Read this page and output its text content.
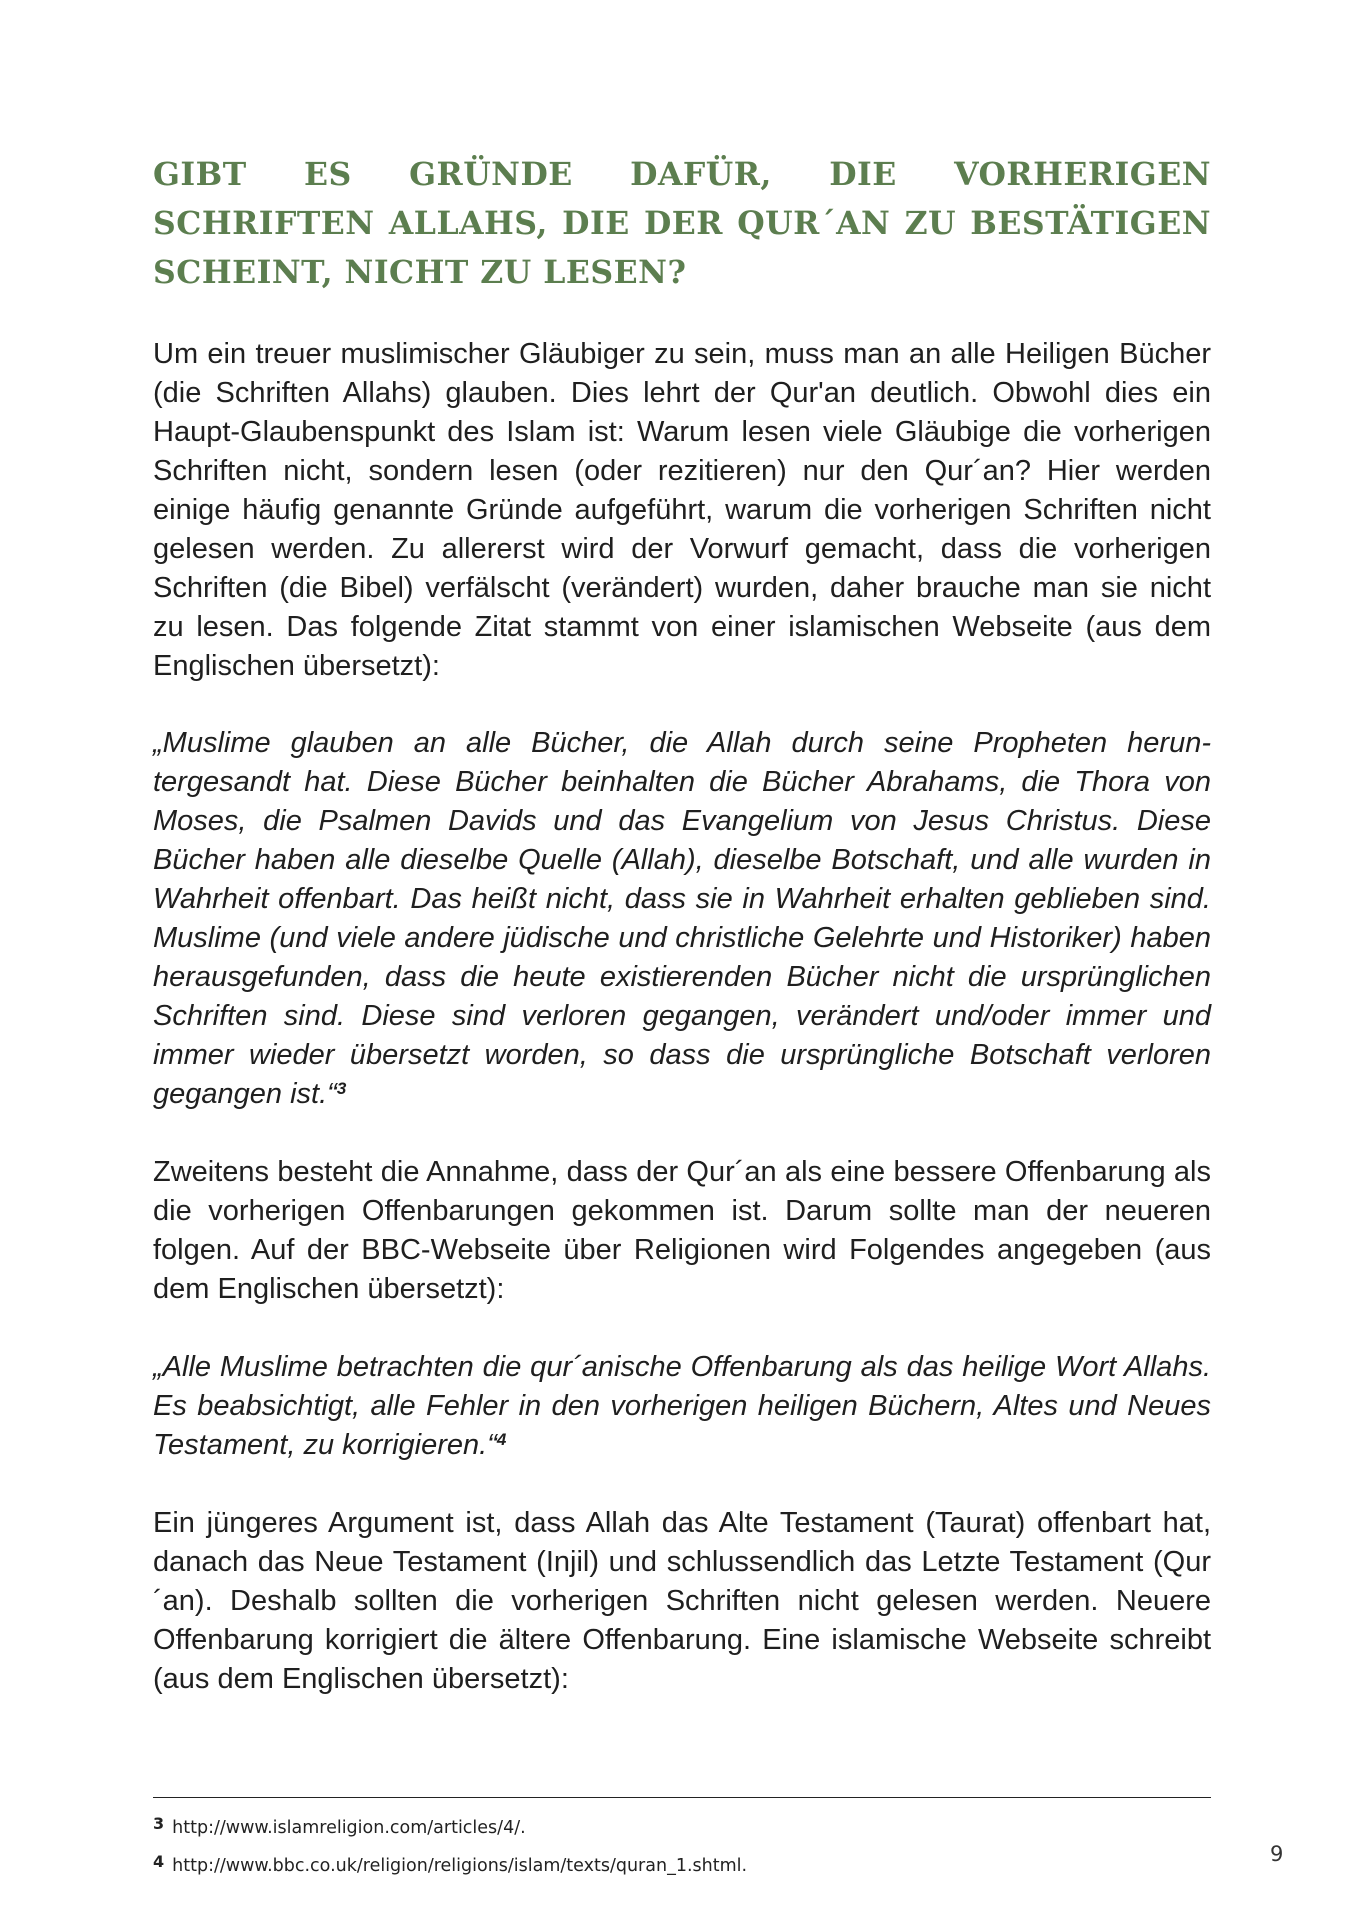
GIBT ES GRÜNDE DAFÜR, DIE VORHERIGEN SCHRIFTEN ALLAHS, DIE DER QUR´AN ZU BESTÄTIGEN SCHEINT, NICHT ZU LESEN?

Um ein treuer muslimischer Gläubiger zu sein, muss man an alle Heiligen Bücher (die Schriften Allahs) glauben. Dies lehrt der Qur'an deutlich. Obwohl dies ein Haupt-Glaubenspunkt des Islam ist: Warum lesen viele Gläubige die vorherigen Schriften nicht, sondern lesen (oder rezitieren) nur den Qur´an? Hier werden einige häufig genannte Gründe aufgeführt, warum die vorherigen Schriften nicht gelesen werden. Zu allererst wird der Vorwurf gemacht, dass die vorherigen Schriften (die Bibel) verfälscht (verändert) wurden, daher brauche man sie nicht zu lesen. Das folgende Zitat stammt von einer islamischen Webseite (aus dem Englischen übersetzt):

„Muslime glauben an alle Bücher, die Allah durch seine Propheten heruntergesandt hat. Diese Bücher beinhalten die Bücher Abrahams, die Thora von Moses, die Psalmen Davids und das Evangelium von Jesus Christus. Diese Bücher haben alle dieselbe Quelle (Allah), dieselbe Botschaft, und alle wurden in Wahrheit offenbart. Das heißt nicht, dass sie in Wahrheit erhalten geblieben sind. Muslime (und viele andere jüdische und christliche Gelehrte und Historiker) haben herausgefunden, dass die heute existierenden Bücher nicht die ursprünglichen Schriften sind. Diese sind verloren gegangen, verändert und/oder immer und immer wieder übersetzt worden, so dass die ursprüngliche Botschaft verloren gegangen ist.“$^3$

Zweitens besteht die Annahme, dass der Qur´an als eine bessere Offenbarung als die vorherigen Offenbarungen gekommen ist. Darum sollte man der neueren folgen. Auf der BBC-Webseite über Religionen wird Folgendes angegeben (aus dem Englischen übersetzt):

„Alle Muslime betrachten die qur´anische Offenbarung als das heilige Wort Allahs. Es beabsichtigt, alle Fehler in den vorherigen heiligen Büchern, Altes und Neues Testament, zu korrigieren.“$^4$

Ein jüngeres Argument ist, dass Allah das Alte Testament (Taurat) offenbart hat, danach das Neue Testament (Injil) und schlussendlich das Letzte Testament (Qur´an). Deshalb sollten die vorherigen Schriften nicht gelesen werden. Neuere Offenbarung korrigiert die ältere Offenbarung. Eine islamische Webseite schreibt (aus dem Englischen übersetzt):

3 http://www.islamreligion.com/articles/4/.

4 http://www.bbc.co.uk/religion/religions/islam/texts/quran_1.shtml.	9
